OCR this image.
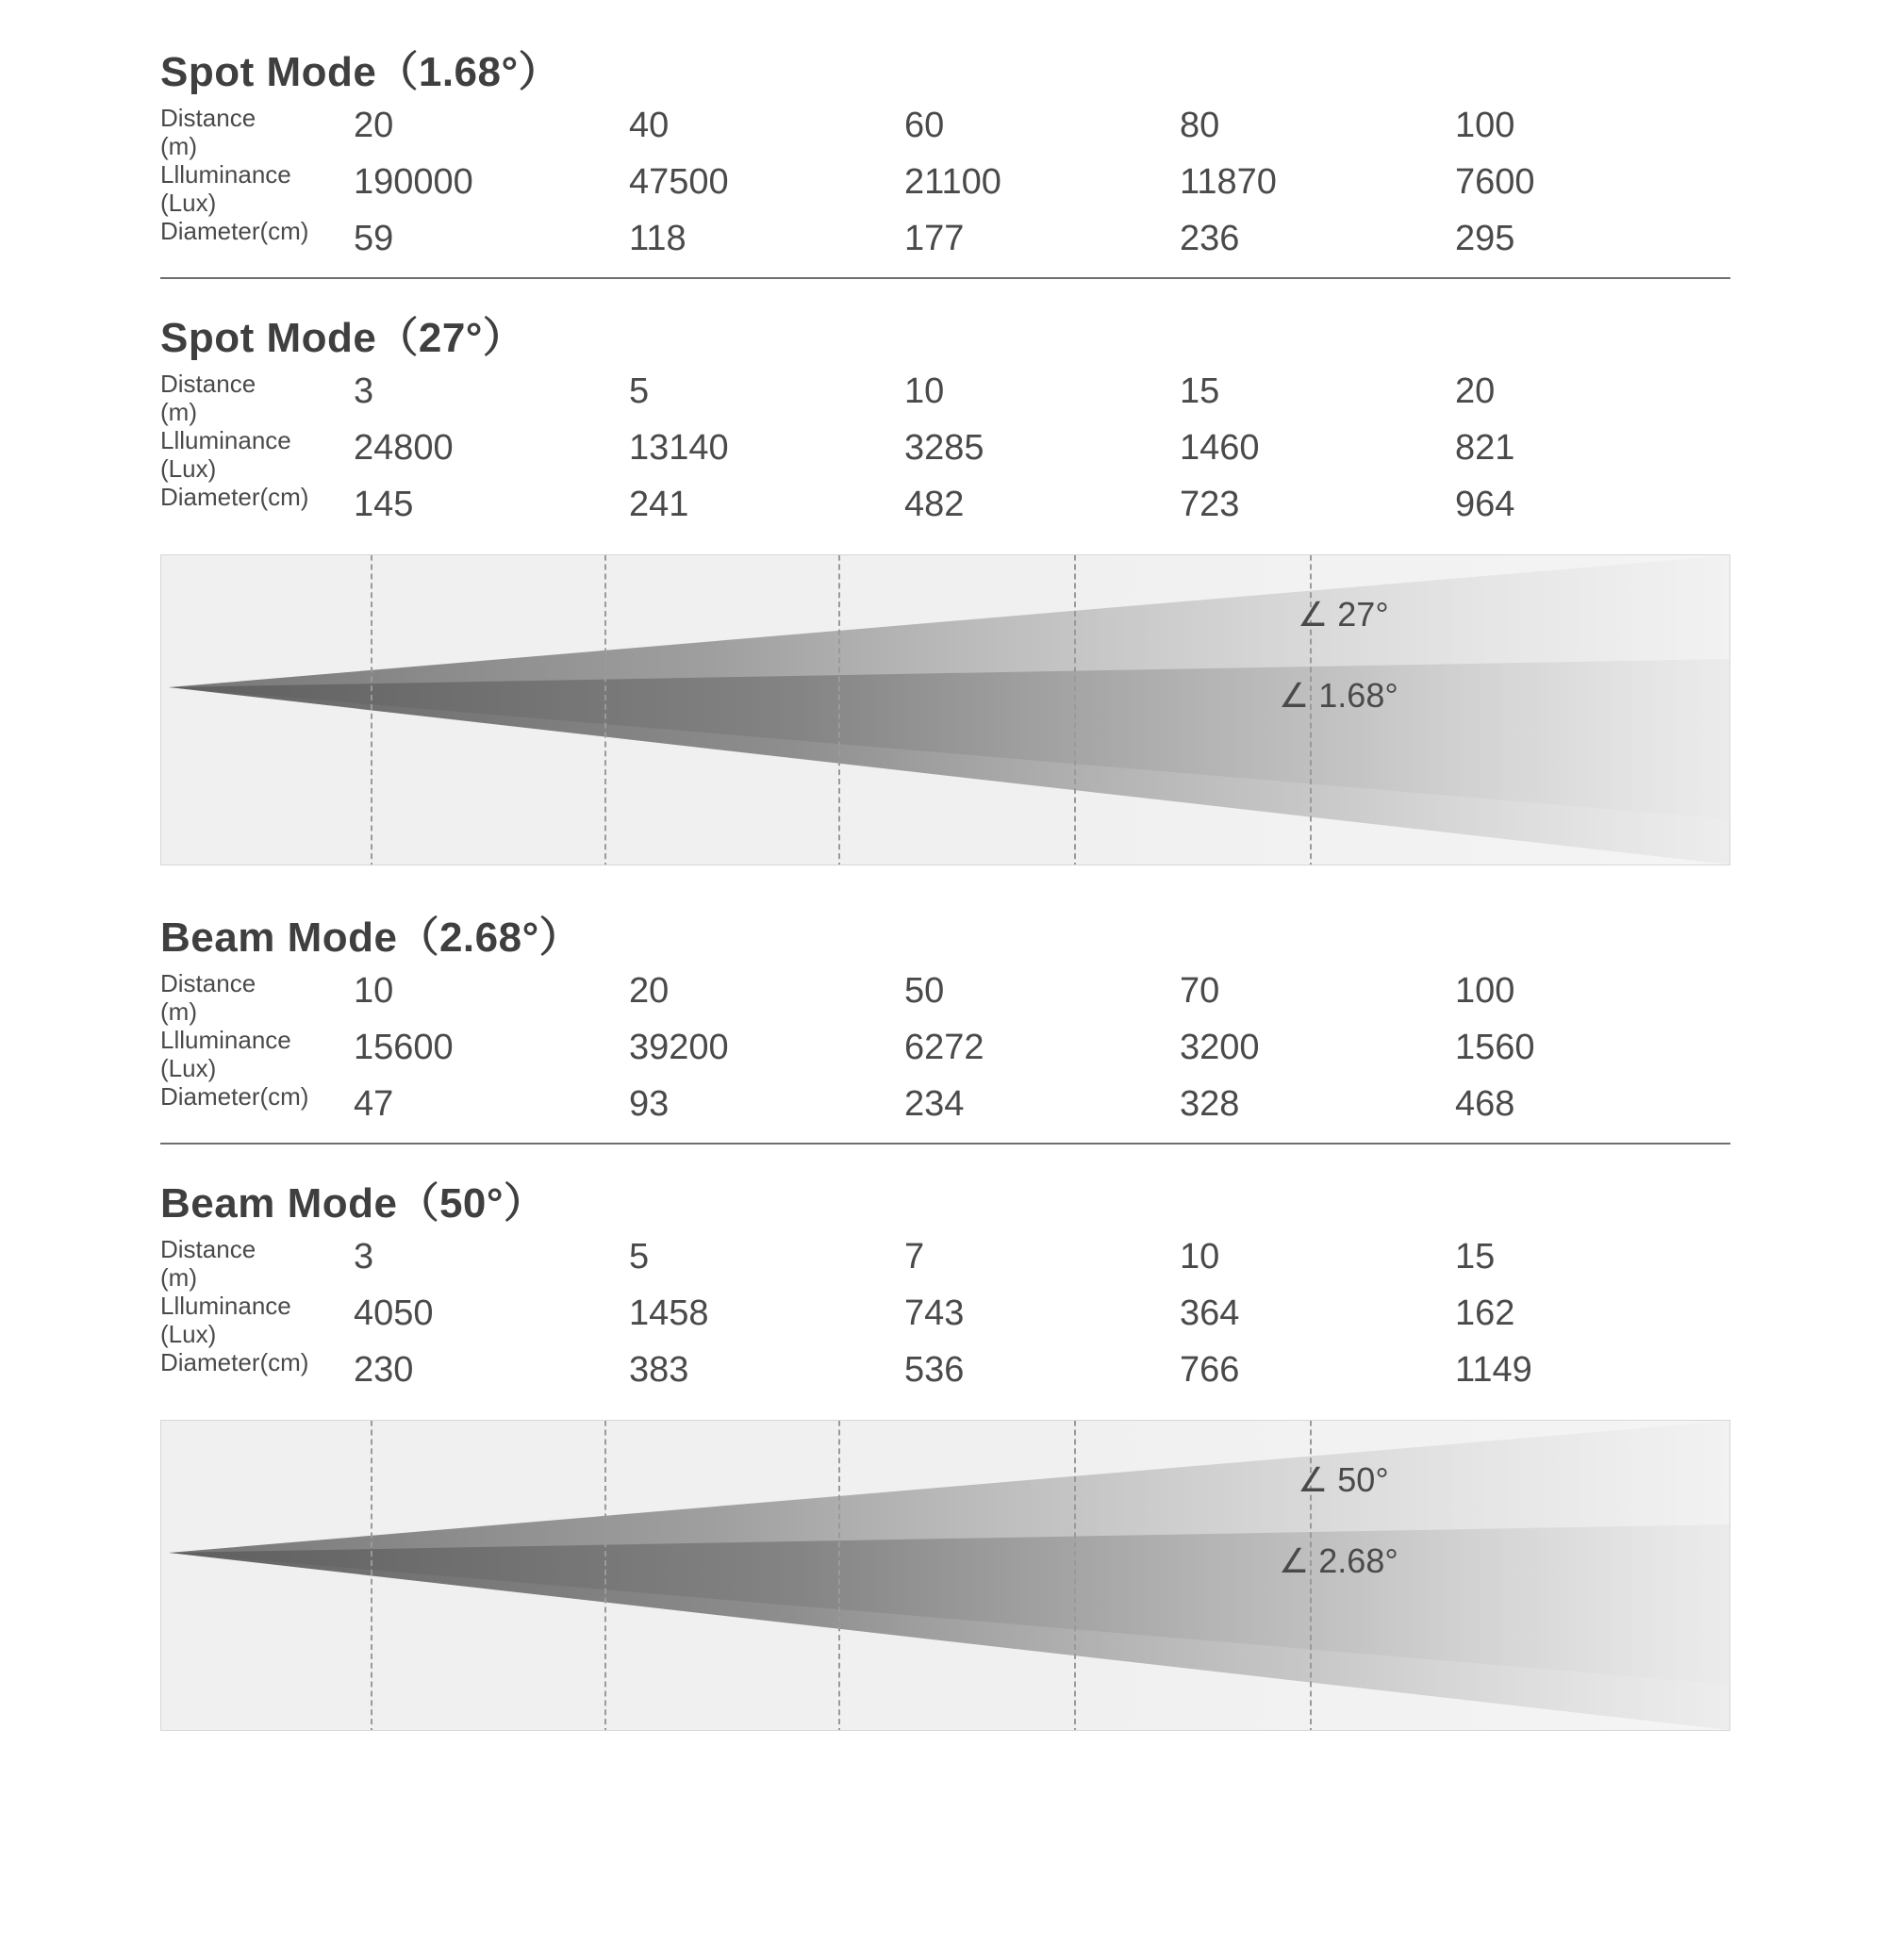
Spot Mode（1.68°）
Distance
(m)	20	40	60	80	100
Llluminance
(Lux)	190000	47500	21100	11870	7600
Diameter(cm)	59	118	177	236	295
Spot Mode（27°）
Distance
(m)	3	5	10	15	20
Llluminance
(Lux)	24800	13140	3285	1460	821
Diameter(cm)	145	241	482	723	964
∠ 27°
∠ 1.68°
Beam Mode（2.68°）
Distance
(m)	10	20	50	70	100
Llluminance
(Lux)	15600	39200	6272	3200	1560
Diameter(cm)	47	93	234	328	468
Beam Mode（50°）
Distance
(m)	3	5	7	10	15
Llluminance
(Lux)	4050	1458	743	364	162
Diameter(cm)	230	383	536	766	1149
∠ 50°
∠ 2.68°
